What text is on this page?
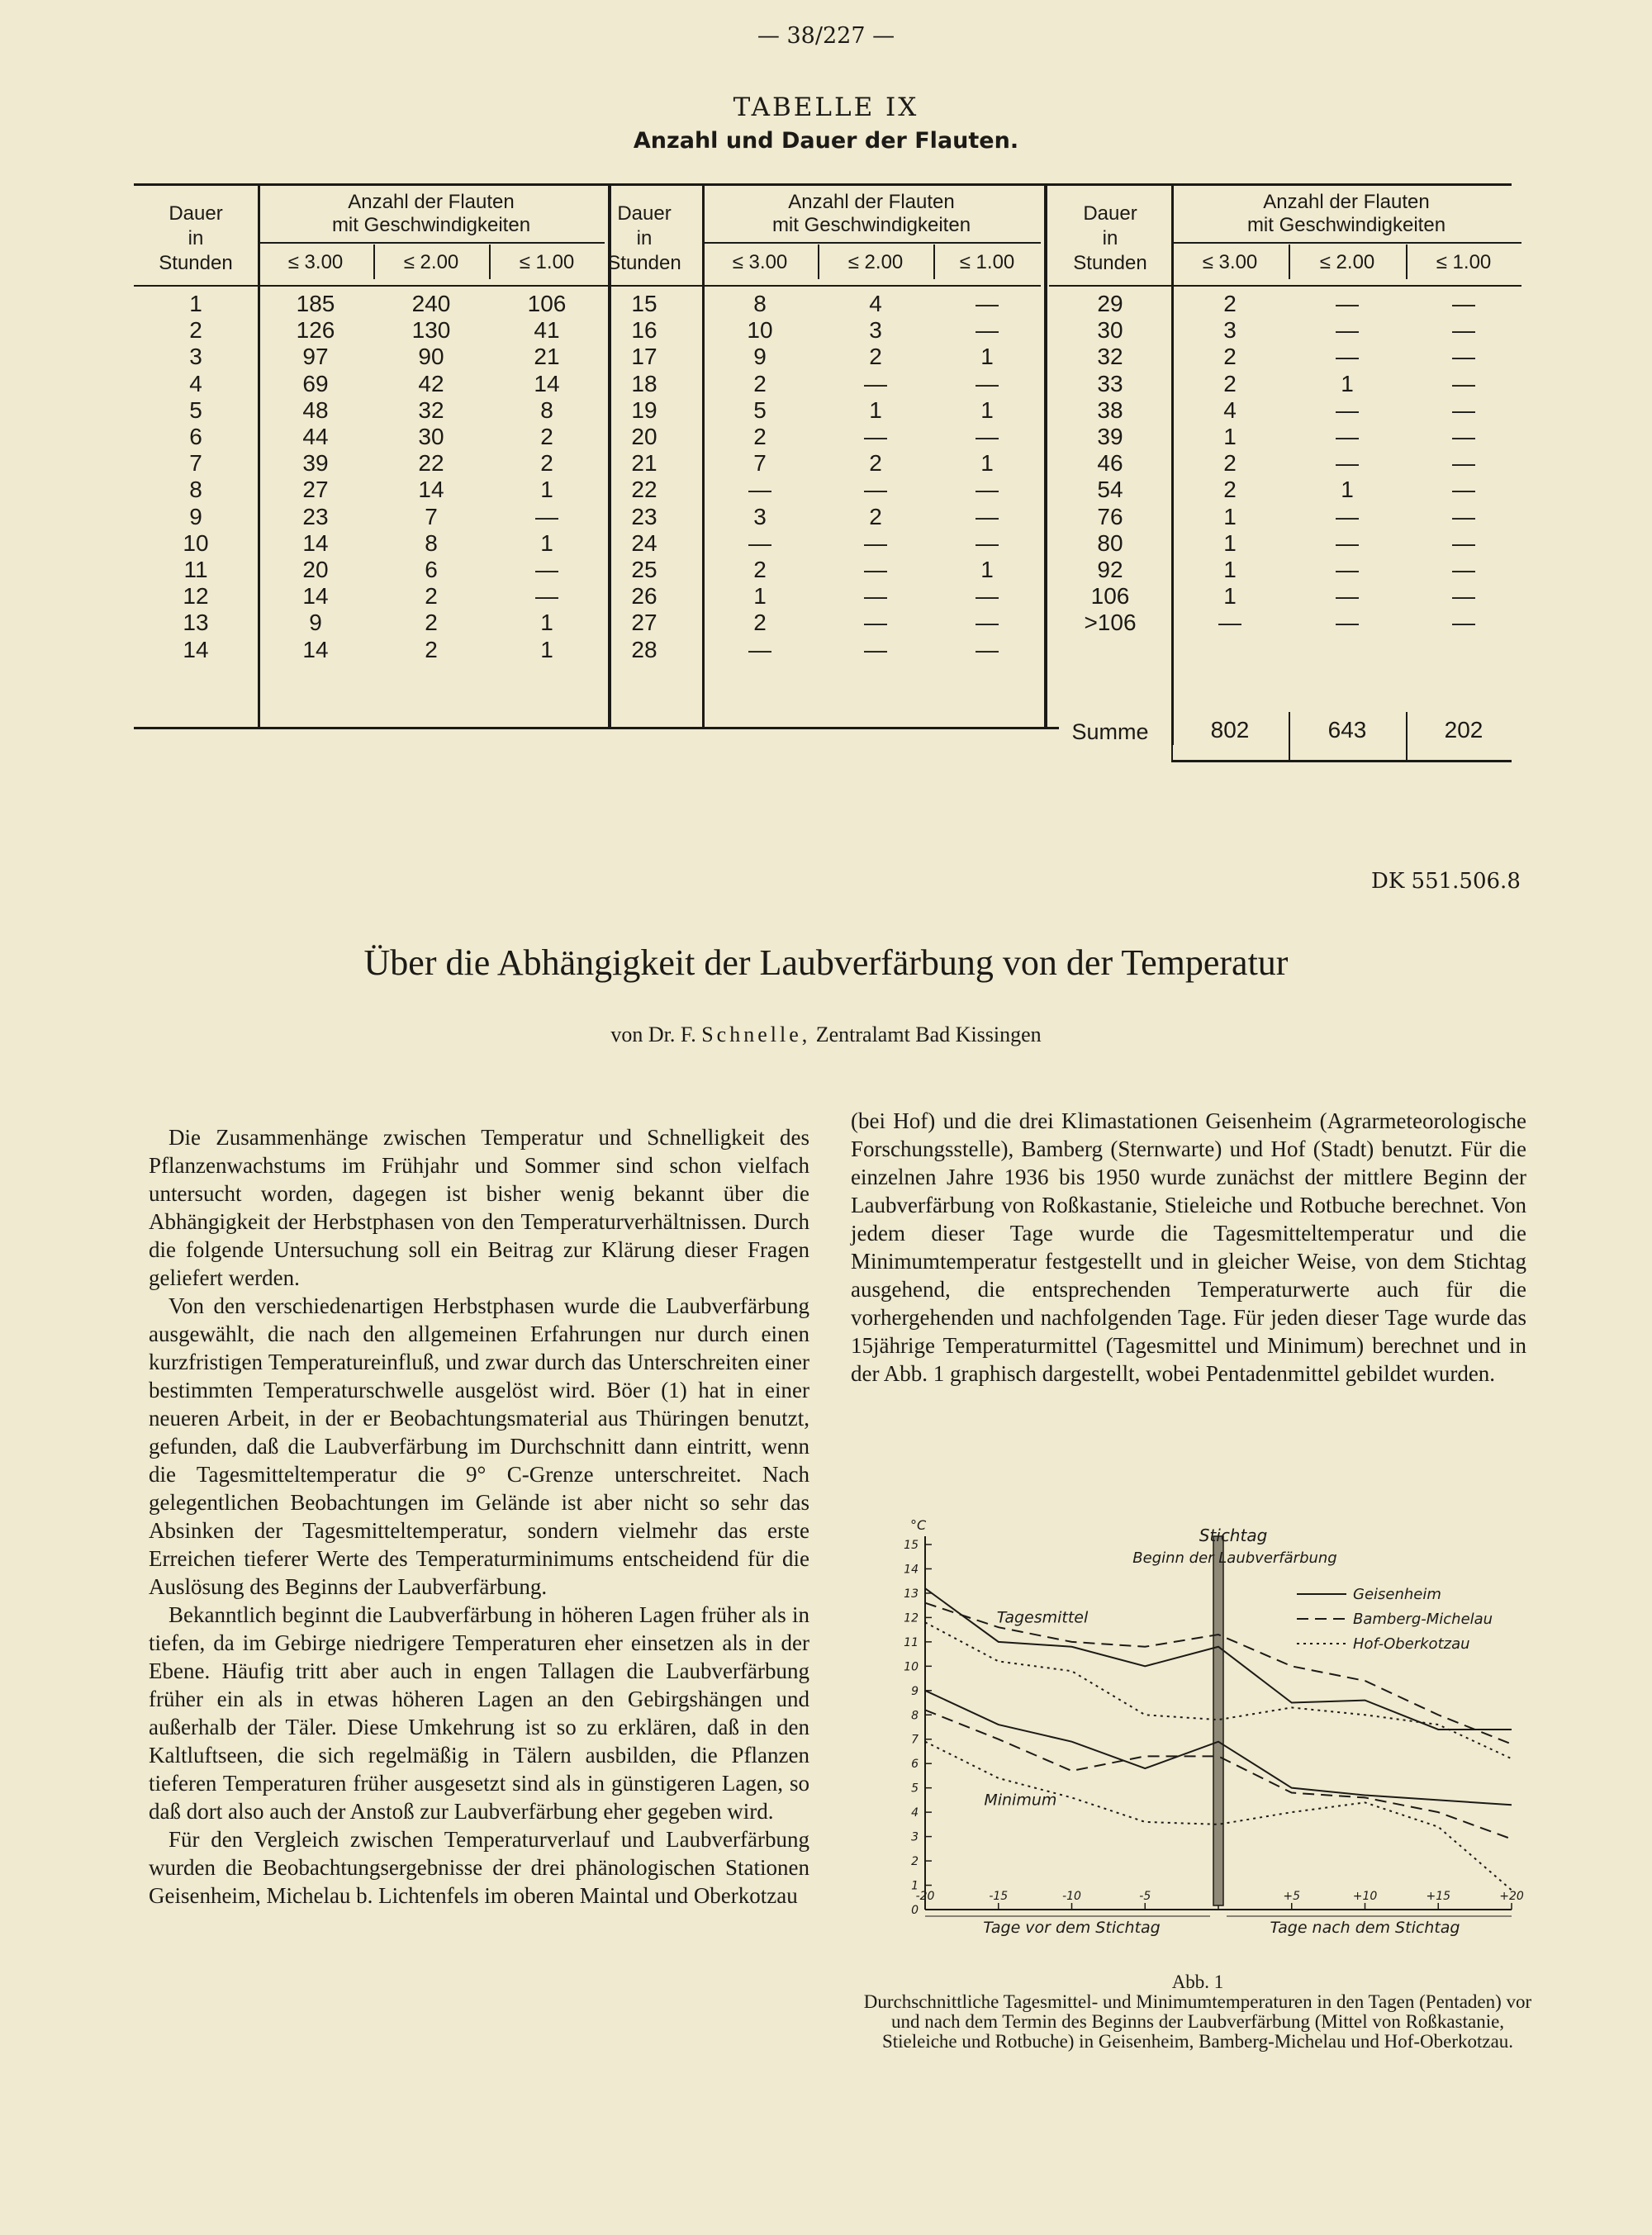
— 38/227 —
TABELLE IX
Anzahl und Dauer der Flauten.
Dauer
in
Stunden
Anzahl der Flauten
mit Geschwindigkeiten
≤ 3.00	≤ 2.00	≤ 1.00
1	185	240	106
2	126	130	41
3	97	90	21
4	69	42	14
5	48	32	8
6	44	30	2
7	39	22	2
8	27	14	1
9	23	7	—
10	14	8	1
11	20	6	—
12	14	2	—
13	9	2	1
14	14	2	1
Dauer
in
Stunden
Anzahl der Flauten
mit Geschwindigkeiten
≤ 3.00	≤ 2.00	≤ 1.00
15	8	4	—
16	10	3	—
17	9	2	1
18	2	—	—
19	5	1	1
20	2	—	—
21	7	2	1
22	—	—	—
23	3	2	—
24	—	—	—
25	2	—	1
26	1	—	—
27	2	—	—
28	—	—	—
Dauer
in
Stunden
Anzahl der Flauten
mit Geschwindigkeiten
≤ 3.00	≤ 2.00	≤ 1.00
29	2	—	—
30	3	—	—
32	2	—	—
33	2	1	—
38	4	—	—
39	1	—	—
46	2	—	—
54	2	1	—
76	1	—	—
80	1	—	—
92	1	—	—
106	1	—	—
>106	—	—	—
Summe	802	643	202
DK 551.506.8
Über die Abhängigkeit der Laubverfärbung von der Temperatur
von Dr. F. Schnelle, Zentralamt Bad Kissingen

Die Zusammenhänge zwischen Temperatur und Schnelligkeit des Pflanzenwachstums im Frühjahr und Sommer sind schon vielfach untersucht worden, dagegen ist bisher wenig bekannt über die Abhängigkeit der Herbstphasen von den Temperaturverhältnissen. Durch die folgende Untersuchung soll ein Beitrag zur Klärung dieser Fragen geliefert werden.

Von den verschiedenartigen Herbstphasen wurde die Laubverfärbung ausgewählt, die nach den allgemeinen Erfahrungen nur durch einen kurzfristigen Temperatureinfluß, und zwar durch das Unterschreiten einer bestimmten Temperaturschwelle ausgelöst wird. Böer (1) hat in einer neueren Arbeit, in der er Beobachtungsmaterial aus Thüringen benutzt, gefunden, daß die Laubverfärbung im Durchschnitt dann eintritt, wenn die Tagesmitteltemperatur die 9° C-Grenze unterschreitet. Nach gelegentlichen Beobachtungen im Gelände ist aber nicht so sehr das Absinken der Tagesmitteltemperatur, sondern vielmehr das erste Erreichen tieferer Werte des Temperaturminimums entscheidend für die Auslösung des Beginns der Laubverfärbung.

Bekanntlich beginnt die Laubverfärbung in höheren Lagen früher als in tiefen, da im Gebirge niedrigere Temperaturen eher einsetzen als in der Ebene. Häufig tritt aber auch in engen Tallagen die Laubverfärbung früher ein als in etwas höheren Lagen an den Gebirgshängen und außerhalb der Täler. Diese Umkehrung ist so zu erklären, daß in den Kaltluftseen, die sich regelmäßig in Tälern ausbilden, die Pflanzen tieferen Temperaturen früher ausgesetzt sind als in günstigeren Lagen, so daß dort also auch der Anstoß zur Laubverfärbung eher gegeben wird.

Für den Vergleich zwischen Temperaturverlauf und Laubverfärbung wurden die Beobachtungsergebnisse der drei phänologischen Stationen Geisenheim, Michelau b. Lichtenfels im oberen Maintal und Oberkotzau

(bei Hof) und die drei Klimastationen Geisenheim (Agrarmeteorologische Forschungsstelle), Bamberg (Sternwarte) und Hof (Stadt) benutzt. Für die einzelnen Jahre 1936 bis 1950 wurde zunächst der mittlere Beginn der Laubverfärbung von Roßkastanie, Stieleiche und Rotbuche berechnet. Von jedem dieser Tage wurde die Tagesmitteltemperatur und die Minimumtemperatur festgestellt und in gleicher Weise, von dem Stichtag ausgehend, die entsprechenden Temperaturwerte auch für die vorhergehenden und nachfolgenden Tage. Für jeden dieser Tage wurde das 15jährige Temperaturmittel (Tagesmittel und Minimum) berechnet und in der Abb. 1 graphisch dargestellt, wobei Pentadenmittel gebildet wurden.

°C
0
1
2
3
4
5
6
7
8
9
10
11
12
13
14
15
-20	-15	-10	-5	+5	+10	+15	+20
Stichtag
Beginn der Laubverfärbung
Tagesmittel
Minimum
Geisenheim
Bamberg-Michelau
Hof-Oberkotzau
Tage vor dem Stichtag	Tage nach dem Stichtag
Abb. 1
Durchschnittliche Tagesmittel- und Minimumtemperaturen in den Tagen (Pentaden) vor und nach dem Termin des Beginns der Laubverfärbung (Mittel von Roßkastanie, Stieleiche und Rotbuche) in Geisenheim, Bamberg-Michelau und Hof-Oberkotzau.
